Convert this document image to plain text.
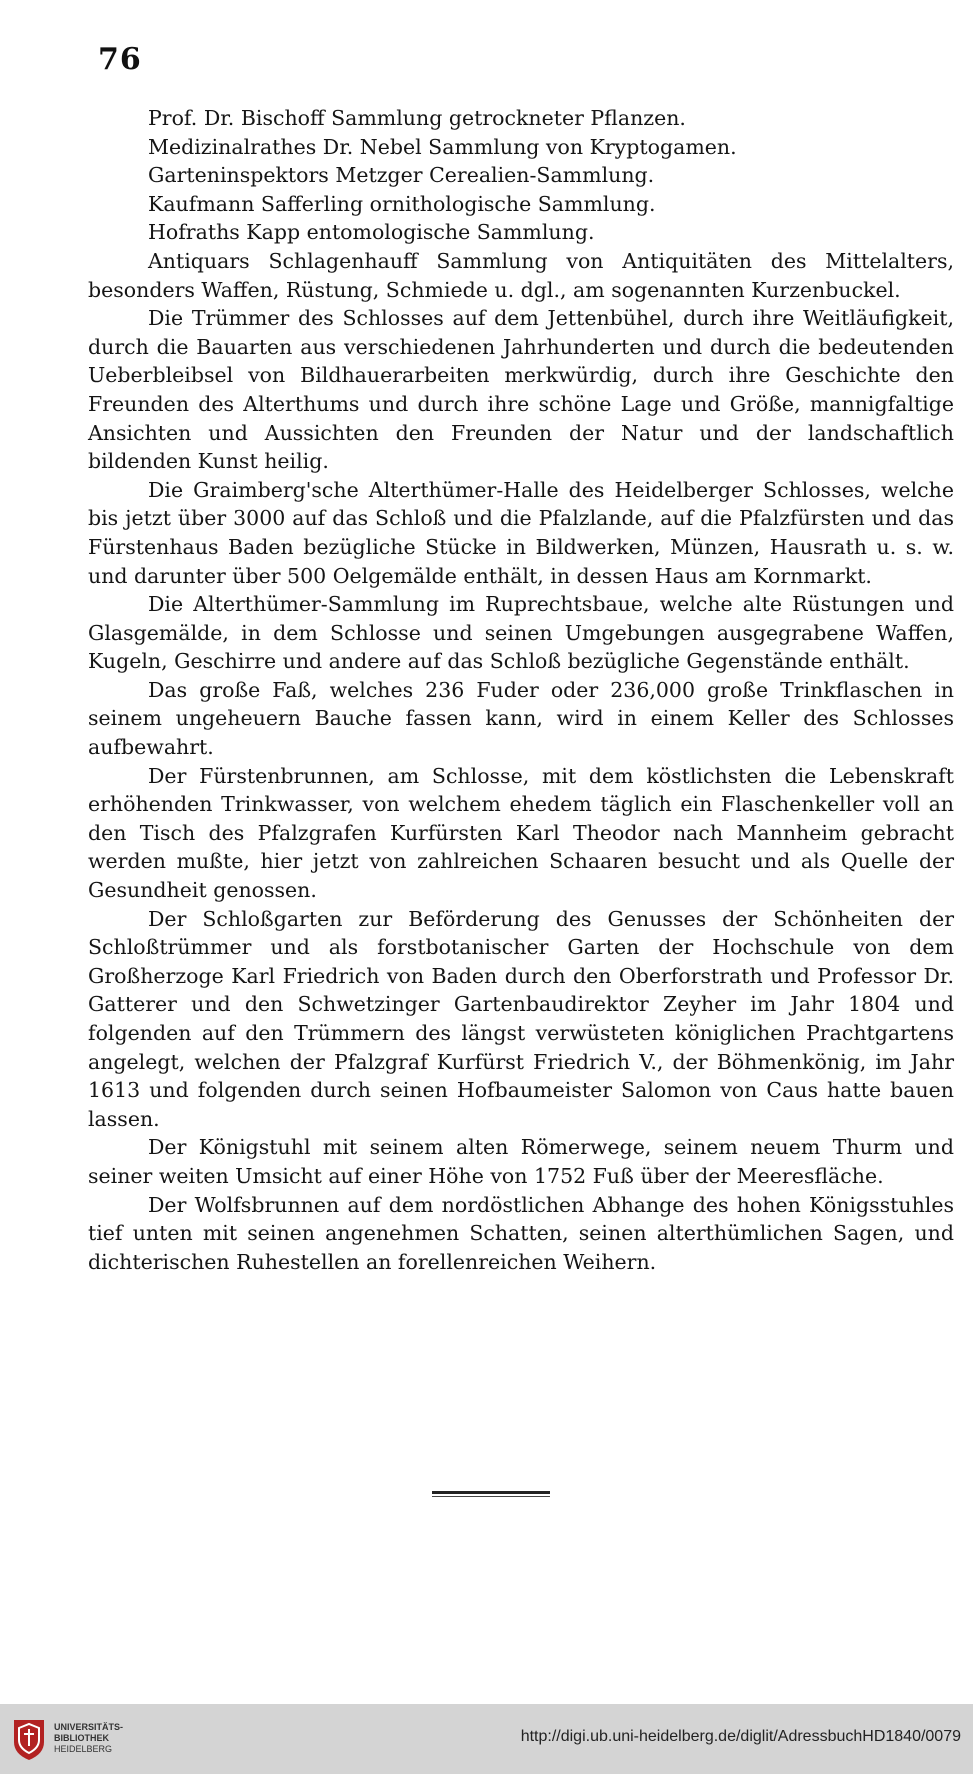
76

Prof. Dr. Bischoff Sammlung getrockneter Pflanzen.

Medizinalrathes Dr. Nebel Sammlung von Kryptogamen.

Garteninspektors Metzger Cerealien-Sammlung.

Kaufmann Safferling ornithologische Sammlung.

Hofraths Kapp entomologische Sammlung.

Antiquars Schlagenhauff Sammlung von Antiquitäten des Mittelalters, besonders Waffen, Rüstung, Schmiede u. dgl., am sogenannten Kurzenbuckel.

Die Trümmer des Schlosses auf dem Jettenbühel, durch ihre Weitläufigkeit, durch die Bauarten aus verschiedenen Jahrhunderten und durch die bedeutenden Ueberbleibsel von Bildhauerarbeiten merkwürdig, durch ihre Geschichte den Freunden des Alterthums und durch ihre schöne Lage und Größe, mannigfaltige Ansichten und Aussichten den Freunden der Natur und der landschaftlich bildenden Kunst heilig.

Die Graimberg'sche Alterthümer-Halle des Heidelberger Schlosses, welche bis jetzt über 3000 auf das Schloß und die Pfalzlande, auf die Pfalzfürsten und das Fürstenhaus Baden bezügliche Stücke in Bildwerken, Münzen, Hausrath u. s. w. und darunter über 500 Oelgemälde enthält, in dessen Haus am Kornmarkt.

Die Alterthümer-Sammlung im Ruprechtsbaue, welche alte Rüstungen und Glasgemälde, in dem Schlosse und seinen Umgebungen ausgegrabene Waffen, Kugeln, Geschirre und andere auf das Schloß bezügliche Gegenstände enthält.

Das große Faß, welches 236 Fuder oder 236,000 große Trinkflaschen in seinem ungeheuern Bauche fassen kann, wird in einem Keller des Schlosses aufbewahrt.

Der Fürstenbrunnen, am Schlosse, mit dem köstlichsten die Lebenskraft erhöhenden Trinkwasser, von welchem ehedem täglich ein Flaschenkeller voll an den Tisch des Pfalzgrafen Kurfürsten Karl Theodor nach Mannheim gebracht werden mußte, hier jetzt von zahlreichen Schaaren besucht und als Quelle der Gesundheit genossen.

Der Schloßgarten zur Beförderung des Genusses der Schönheiten der Schloßtrümmer und als forstbotanischer Garten der Hochschule von dem Großherzoge Karl Friedrich von Baden durch den Oberforstrath und Professor Dr. Gatterer und den Schwetzinger Gartenbaudirektor Zeyher im Jahr 1804 und folgenden auf den Trümmern des längst verwüsteten königlichen Prachtgartens angelegt, welchen der Pfalzgraf Kurfürst Friedrich V., der Böhmenkönig, im Jahr 1613 und folgenden durch seinen Hofbaumeister Salomon von Caus hatte bauen lassen.

Der Königstuhl mit seinem alten Römerwege, seinem neuem Thurm und seiner weiten Umsicht auf einer Höhe von 1752 Fuß über der Meeresfläche.

Der Wolfsbrunnen auf dem nordöstlichen Abhange des hohen Königsstuhles tief unten mit seinen angenehmen Schatten, seinen alterthümlichen Sagen, und dichterischen Ruhestellen an forellenreichen Weihern.

UNIVERSITÄTS-
BIBLIOTHEK
HEIDELBERG
http://digi.ub.uni-heidelberg.de/diglit/AdressbuchHD1840/0079
